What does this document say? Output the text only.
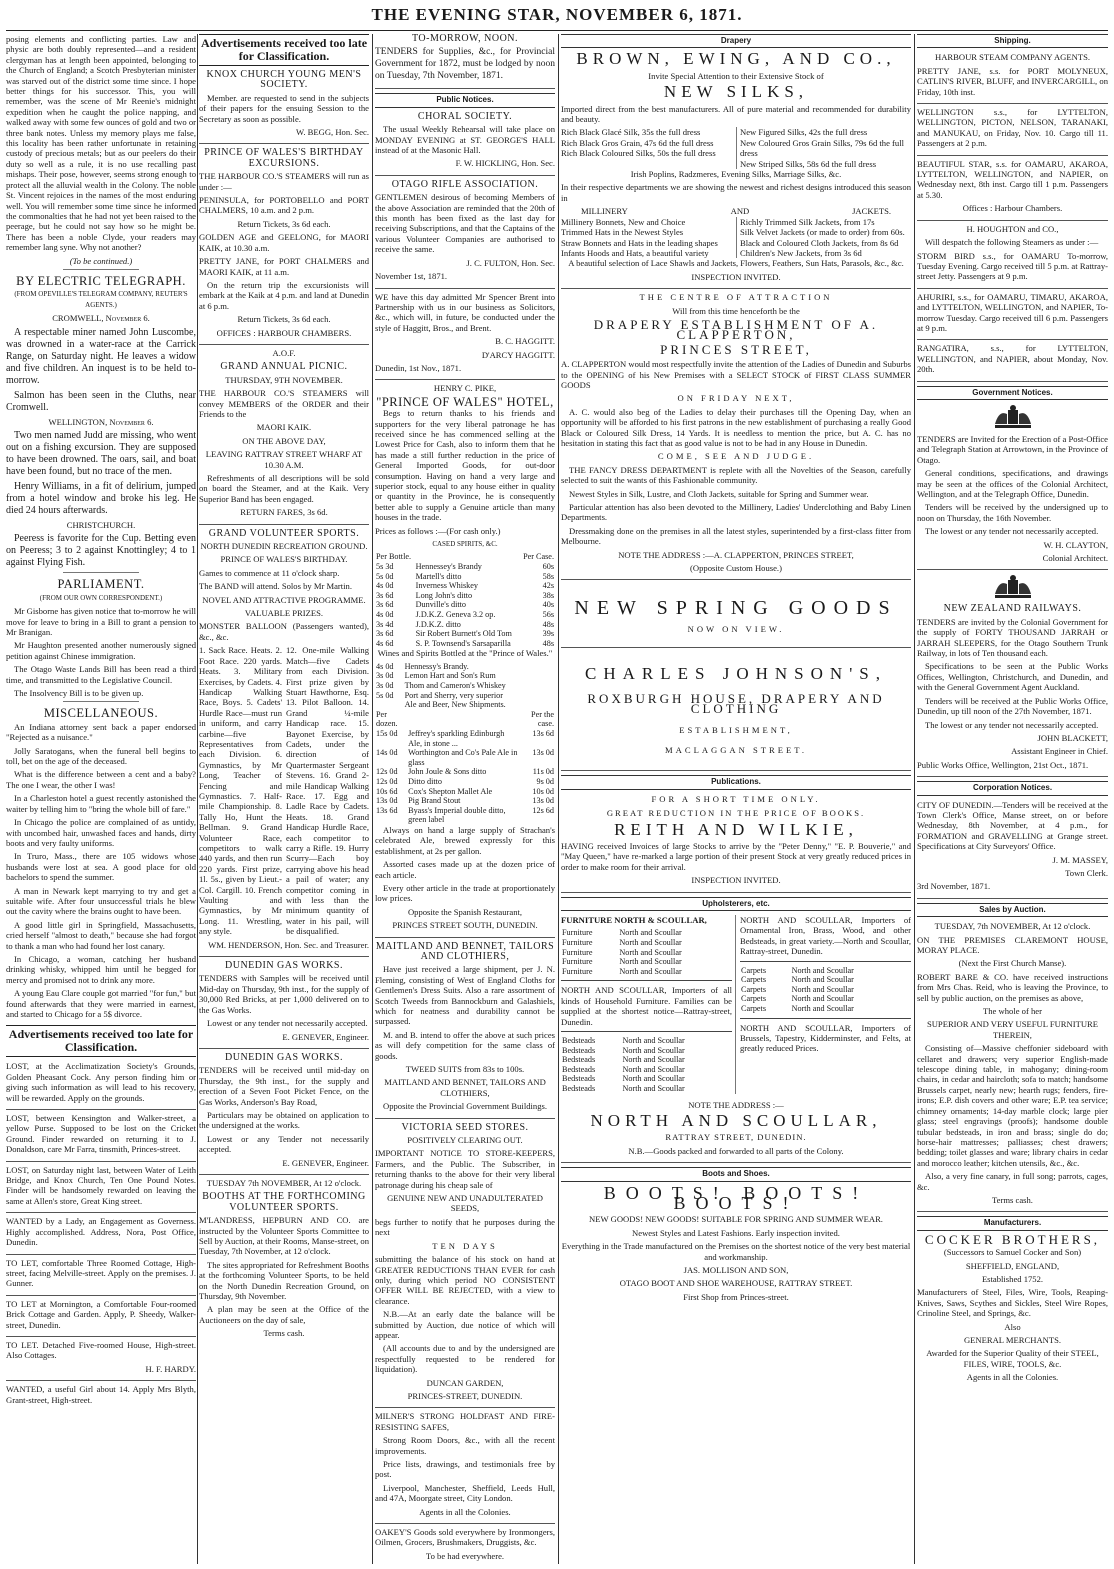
THE EVENING STAR, NOVEMBER 6, 1871.

posing elements and conflicting parties. Law and physic are both doubly represented—and a resident clergyman has at length been appointed, belonging to the Church of England; a Scotch Presbyterian minister was starved out of the district some time since. I hope better things for his successor. This, you will remember, was the scene of Mr Reenie's midnight expedition when he caught the police napping, and walked away with some few ounces of gold and two or three bank notes. Unless my memory plays me false, this locality has been rather unfortunate in retaining custody of precious metals; but as our peelers do their duty so well as a rule, it is no use recalling past mishaps. Their pose, however, seems strong enough to protect all the alluvial wealth in the Colony. The noble St. Vincent rejoices in the names of the most enduring well. You will remember some time since he informed the commonalties that he had not yet been raised to the peerage, but he could not say how so he might be. There has been a noble Clyde, your readers may remember lang syne. Why not another?

(To be continued.)

BY ELECTRIC TELEGRAPH.

(FROM OPEVILLE'S TELEGRAM COMPANY, REUTER'S AGENTS.)

CROMWELL, November 6.

A respectable miner named John Luscombe, was drowned in a water-race at the Carrick Range, on Saturday night. He leaves a widow and five children. An inquest is to be held to-morrow.

Salmon has been seen in the Cluths, near Cromwell.

WELLINGTON, November 6.

Two men named Judd are missing, who went out on a fishing excursion. They are supposed to have been drowned. The oars, sail, and boat have been found, but no trace of the men.

Henry Williams, in a fit of delirium, jumped from a hotel window and broke his leg. He died 24 hours afterwards.

CHRISTCHURCH.

Peeress is favorite for the Cup. Betting even on Peeress; 3 to 2 against Knottingley; 4 to 1 against Flying Fish.

PARLIAMENT.

(FROM OUR OWN CORRESPONDENT.)

Mr Gisborne has given notice that to-morrow he will move for leave to bring in a Bill to grant a pension to Mr Branigan.

Mr Haughton presented another numerously signed petition against Chinese immigration.

The Otago Waste Lands Bill has been read a third time, and transmitted to the Legislative Council.

The Insolvency Bill is to be given up.

MISCELLANEOUS.

An Indiana attorney sent back a paper endorsed "Rejected as a nuisance."

Jolly Saratogans, when the funeral bell begins to toll, bet on the age of the deceased.

What is the difference between a cent and a baby? The one I wear, the other I was!

In a Charleston hotel a guest recently astonished the waiter by telling him to "bring the whole bill of fare."

In Chicago the police are complained of as untidy, with uncombed hair, unwashed faces and hands, dirty boots and very faulty uniforms.

In Truro, Mass., there are 105 widows whose husbands were lost at sea. A good place for old bachelors to spend the summer.

A man in Newark kept marrying to try and get a suitable wife. After four unsuccessful trials he blew out the cavity where the brains ought to have been.

A good little girl in Springfield, Massachusetts, cried herself "almost to death," because she had forgot to thank a man who had found her lost canary.

In Chicago, a woman, catching her husband drinking whisky, whipped him until he begged for mercy and promised not to drink any more.

A young Eau Clare couple got married "for fun," but found afterwards that they were married in earnest, and started to Chicago for a 5$ divorce.

Advertisements received too late for Classification.

LOST, at the Acclimatization Society's Grounds, Golden Pheasant Cock. Any person finding him or giving such information as will lead to his recovery, will be rewarded. Apply on the grounds.

LOST, between Kensington and Walker-street, a yellow Purse. Supposed to be lost on the Cricket Ground. Finder rewarded on returning it to J. Donaldson, care Mr Farra, tinsmith, Princes-street.

LOST, on Saturday night last, between Water of Leith Bridge, and Knox Church, Ten One Pound Notes. Finder will be handsomely rewarded on leaving the same at Allen's store, Great King street.

WANTED by a Lady, an Engagement as Governess. Highly accomplished. Address, Nora, Post Office, Dunedin.

TO LET, comfortable Three Roomed Cottage, High-street, facing Melville-street. Apply on the premises. J. Gunner.

TO LET at Mornington, a Comfortable Four-roomed Brick Cottage and Garden. Apply, P. Sheedy, Walker-street, Dunedin.

TO LET. Detached Five-roomed House, High-street. Also Cottages.

H. F. HARDY.

WANTED, a useful Girl about 14. Apply Mrs Blyth, Grant-street, High-street.

Advertisements received too late for Classification.
KNOX CHURCH YOUNG MEN'S SOCIETY.

Member. are requested to send in the subjects of their papers for the ensuing Session to the Secretary as soon as possible.

W. BEGG, Hon. Sec.

PRINCE OF WALES'S BIRTHDAY EXCURSIONS.

THE HARBOUR CO.'S STEAMERS will run as under :—

PENINSULA, for PORTOBELLO and PORT CHALMERS, 10 a.m. and 2 p.m.

Return Tickets, 3s 6d each.

GOLDEN AGE and GEELONG, for MAORI KAIK, at 10.30 a.m.

PRETTY JANE, for PORT CHALMERS and MAORI KAIK, at 11 a.m.

On the return trip the excursionists will embark at the Kaik at 4 p.m. and land at Dunedin at 6 p.m.

Return Tickets, 3s 6d each.

OFFICES : HARBOUR CHAMBERS.

A.O.F.

GRAND ANNUAL PICNIC.

THURSDAY, 9TH NOVEMBER.

THE HARBOUR CO.'S STEAMERS will convey MEMBERS of the ORDER and their Friends to the

MAORI KAIK.

ON THE ABOVE DAY,

LEAVING RATTRAY STREET WHARF AT 10.30 A.M.

Refreshments of all descriptions will be sold on board the Steamer, and at the Kaik. Very Superior Band has been engaged.

RETURN FARES, 3s 6d.

GRAND VOLUNTEER SPORTS.

NORTH DUNEDIN RECREATION GROUND.

PRINCE OF WALES'S BIRTHDAY.

Games to commence at 11 o'clock sharp.

The BAND will attend. Solos by Mr Martin.

NOVEL AND ATTRACTIVE PROGRAMME.

VALUABLE PRIZES.

MONSTER BALLOON (Passengers wanted), &c., &c.

1. Sack Race. Heats. 2. Foot Race. 220 yards. Heats. 3. Military Exercises, by Cadets. 4. Handicap Walking Race, Boys. 5. Cadets' Hurdle Race—must run in uniform, and carry carbine—five Representatives from each Division. 6. Gymnastics, by Mr Long, Teacher of Fencing and Gymnastics. 7. Half-mile Championship. 8. Tally Ho, Hunt the Bellman. 9. Grand Volunteer Race, competitors to walk 440 yards, and then run 220 yards. First prize, 1l. 5s., given by Lieut.-Col. Cargill. 10. French Vaulting and Gymnastics, by Mr Long. 11. Wrestling, any style.

12. One-mile Walking Match—five Cadets from each Division. First prize given by Stuart Hawthorne, Esq. 13. Pilot Balloon. 14. Grand ¼-mile Handicap race. 15. Bayonet Exercise, by Cadets, under the direction of Quartermaster Sergeant Stevens. 16. Grand 2-mile Handicap Walking Race. 17. Egg and Ladle Race by Cadets. Heats. 18. Grand Handicap Hurdle Race, each competitor to carry a Rifle. 19. Hurry Scurry—Each boy carrying above his head a pail of water; any competitor coming in with less than the minimum quantity of water in his pail, will be disqualified.

WM. HENDERSON, Hon. Sec. and Treasurer.

DUNEDIN GAS WORKS.

TENDERS with Samples will be received until Mid-day on Thursday, 9th inst., for the supply of 30,000 Red Bricks, at per 1,000 delivered on to the Gas Works.

Lowest or any tender not necessarily accepted.

E. GENEVER, Engineer.

DUNEDIN GAS WORKS.

TENDERS will be received until mid-day on Thursday, the 9th inst., for the supply and erection of a Seven Foot Picket Fence, on the Gas Works, Anderson's Bay Road,

Particulars may be obtained on application to the undersigned at the works.

Lowest or any Tender not necessarily accepted.

E. GENEVER, Engineer.

TUESDAY 7th NOVEMBER, At 12 o'clock.

BOOTHS AT THE FORTHCOMING VOLUNTEER SPORTS.

M'LANDRESS, HEPBURN AND CO. are instructed by the Volunteer Sports Committee to Sell by Auction, at their Rooms, Manse-street, on Tuesday, 7th November, at 12 o'clock.

The sites appropriated for Refreshment Booths at the forthcoming Volunteer Sports, to be held on the North Dunedin Recreation Ground, on Thursday, 9th November.

A plan may be seen at the Office of the Auctioneers on the day of sale,

Terms cash.

TO-MORROW, NOON.

TENDERS for Supplies, &c., for Provincial Government for 1872, must be lodged by noon on Tuesday, 7th November, 1871.

Public Notices.
CHORAL SOCIETY.

The usual Weekly Rehearsal will take place on MONDAY EVENING at ST. GEORGE'S HALL instead of at the Masonic Hall.

F. W. HICKLING, Hon. Sec.

OTAGO RIFLE ASSOCIATION.

GENTLEMEN desirous of becoming Members of the above Association are reminded that the 20th of this month has been fixed as the last day for receiving Subscriptions, and that the Captains of the various Volunteer Companies are authorised to receive the same.

J. C. FULTON, Hon. Sec.

November 1st, 1871.

WE have this day admitted Mr Spencer Brent into Partnership with us in our business as Solicitors, &c., which will, in future, be conducted under the style of Haggitt, Bros., and Brent.

B. C. HAGGITT.

D'ARCY HAGGITT.

Dunedin, 1st Nov., 1871.

HENRY C. PIKE,

"PRINCE OF WALES" HOTEL,

Begs to return thanks to his friends and supporters for the very liberal patronage he has received since he has commenced selling at the Lowest Price for Cash, also to inform them that he has made a still further reduction in the price of General Imported Goods, for out-door consumption. Having on hand a very large and superior stock, equal to any house either in quality or quantity in the Province, he is consequently better able to supply a Genuine article than many houses in the trade.

Prices as follows :—(For cash only.)

CASED SPIRITS, &C.

Per Bottle.		Per Case.
5s 3d	Hennessey's Brandy	60s
5s 0d	Martell's ditto	58s
4s 0d	Inverness Whiskey	42s
3s 6d	Long John's ditto	38s
3s 6d	Dunville's ditto	40s
4s 0d	J.D.K.Z. Geneva 3.2 op.	56s
3s 4d	J.D.K.Z. ditto	48s
3s 6d	Sir Robert Burnett's Old Tom	39s
4s 6d	S. P. Townsend's Sarsaparilla	48s

Wines and Spirits Bottled at the "Prince of Wales."

4s 0d	Hennessy's Brandy.
3s 0d	Lemon Hart and Son's Rum
3s 0d	Thom and Cameron's Whiskey
5s 0d	Port and Sherry, very superior
	Ale and Beer, New Shipments.
Per dozen.		Per the case.
15s 0d	Jeffrey's sparkling Edinburgh Ale, in stone ...	13s 6d
14s 0d	Worthington and Co's Pale Ale in glass	13s 0d
12s 0d	John Joule & Sons ditto	11s 0d
12s 0d	Ditto ditto	9s 0d
10s 6d	Cox's Shepton Mallet Ale	10s 0d
13s 0d	Pig Brand Stout	13s 0d
13s 6d	Byass's Imperial double ditto, green label	12s 6d

Always on hand a large supply of Strachan's celebrated Ale, brewed expressly for this establishment, at 2s per gallon.

Assorted cases made up at the dozen price of each article.

Every other article in the trade at proportionately low prices.

Opposite the Spanish Restaurant,

PRINCES STREET SOUTH, DUNEDIN.

MAITLAND AND BENNET, TAILORS AND CLOTHIERS,

Have just received a large shipment, per J. N. Fleming, consisting of West of England Cloths for Gentlemen's Dress Suits. Also a rare assortment of Scotch Tweeds from Bannockburn and Galashiels, which for neatness and durability cannot be surpassed.

M. and B. intend to offer the above at such prices as will defy competition for the same class of goods.

TWEED SUITS from 83s to 100s.

MAITLAND AND BENNET, TAILORS AND CLOTHIERS,

Opposite the Provincial Government Buildings.

VICTORIA SEED STORES.

POSITIVELY CLEARING OUT.

IMPORTANT NOTICE TO STORE-KEEPERS, Farmers, and the Public. The Subscriber, in returning thanks to the above for their very liberal patronage during his cheap sale of

GENUINE NEW AND UNADULTERATED SEEDS,

begs further to notify that he purposes during the next

TEN DAYS

submitting the balance of his stock on hand at GREATER REDUCTIONS THAN EVER for cash only, during which period NO CONSISTENT OFFER WILL BE REJECTED, with a view to clearance.

N.B.—At an early date the balance will be submitted by Auction, due notice of which will appear.

(All accounts due to and by the undersigned are respectfully requested to be rendered for liquidation).

DUNCAN GARDEN,

PRINCES-STREET, DUNEDIN.

MILNER'S STRONG HOLDFAST AND FIRE-RESISTING SAFES,

Strong Room Doors, &c., with all the recent improvements.

Price lists, drawings, and testimonials free by post.

Liverpool, Manchester, Sheffield, Leeds Hull, and 47A, Moorgate street, City London.

Agents in all the Colonies.

OAKEY'S Goods sold everywhere by Ironmongers, Oilmen, Grocers, Brushmakers, Druggists, &c.

To be had everywhere.

Drapery

BROWN, EWING, AND CO.,

Invite Special Attention to their Extensive Stock of

NEW SILKS,

Imported direct from the best manufacturers. All of pure material and recommended for durability and beauty.

Rich Black Glacé Silk, 35s the full dress
Rich Black Gros Grain, 47s 6d the full dress
Rich Black Coloured Silks, 50s the full dress
New Figured Silks, 42s the full dress
New Coloured Gros Grain Silks, 79s 6d the full dress
New Striped Silks, 58s 6d the full dress

Irish Poplins, Radzmeres, Evening Silks, Marriage Silks, &c.

In their respective departments we are showing the newest and richest designs introduced this season in

MILLINERY	AND	JACKETS.
Millinery Bonnets, New and Choice
Trimmed Hats in the Newest Styles
Straw Bonnets and Hats in the leading shapes
Infants Hoods and Hats, a beautiful variety
Richly Trimmed Silk Jackets, from 17s
Silk Velvet Jackets (or made to order) from 60s.
Black and Coloured Cloth Jackets, from 8s 6d
Children's New Jackets, from 3s 6d

A beautiful selection of Lace Shawls and Jackets, Flowers, Feathers, Sun Hats, Parasols, &c., &c.

INSPECTION INVITED.

THE CENTRE OF ATTRACTION

Will from this time henceforth be the

DRAPERY ESTABLISHMENT OF A. CLAPPERTON,

PRINCES STREET,

A. CLAPPERTON would most respectfully invite the attention of the Ladies of Dunedin and Suburbs to the OPENING of his New Premises with a SELECT STOCK of FIRST CLASS SUMMER GOODS

ON FRIDAY NEXT,

A. C. would also beg of the Ladies to delay their purchases till the Opening Day, when an opportunity will be afforded to his first patrons in the new establishment of purchasing a really Good Black or Coloured Silk Dress, 14 Yards. It is needless to mention the price, but A. C. has no hesitation in stating this fact that as good value is not to be had in any House in Dunedin.

COME, SEE AND JUDGE.

THE FANCY DRESS DEPARTMENT is replete with all the Novelties of the Season, carefully selected to suit the wants of this Fashionable community.

Newest Styles in Silk, Lustre, and Cloth Jackets, suitable for Spring and Summer wear.

Particular attention has also been devoted to the Millinery, Ladies' Underclothing and Baby Linen Departments.

Dressmaking done on the premises in all the latest styles, superintended by a first-class fitter from Melbourne.

NOTE THE ADDRESS :—A. CLAPPERTON, PRINCES STREET,

(Opposite Custom House.)

NEW SPRING GOODS

NOW ON VIEW.

CHARLES JOHNSON'S,

ROXBURGH HOUSE, DRAPERY AND CLOTHING

ESTABLISHMENT,

MACLAGGAN STREET.

Publications.

FOR A SHORT TIME ONLY.

GREAT REDUCTION IN THE PRICE OF BOOKS.

REITH AND WILKIE,

HAVING received Invoices of large Stocks to arrive by the "Peter Denny," "E. P. Bouverie," and "May Queen," have re-marked a large portion of their present Stock at very greatly reduced prices in order to make room for their arrival.

INSPECTION INVITED.

Upholsterers, etc.

FURNITURE NORTH & SCOULLAR,

Furniture	North and Scoullar
Furniture	North and Scoullar
Furniture	North and Scoullar
Furniture	North and Scoullar
Furniture	North and Scoullar

NORTH AND SCOULLAR, Importers of all kinds of Household Furniture. Families can be supplied at the shortest notice—Rattray-street, Dunedin.

Bedsteads	North and Scoullar
Bedsteads	North and Scoullar
Bedsteads	North and Scoullar
Bedsteads	North and Scoullar
Bedsteads	North and Scoullar
Bedsteads	North and Scoullar

NORTH AND SCOULLAR, Importers of Ornamental Iron, Brass, Wood, and other Bedsteads, in great variety.—North and Scoullar, Rattray-street, Dunedin.

Carpets	North and Scoullar
Carpets	North and Scoullar
Carpets	North and Scoullar
Carpets	North and Scoullar
Carpets	North and Scoullar

NORTH AND SCOULLAR, Importers of Brussels, Tapestry, Kidderminster, and Felts, at greatly reduced Prices.

NOTE THE ADDRESS :—

NORTH AND SCOULLAR,

RATTRAY STREET, DUNEDIN.

N.B.—Goods packed and forwarded to all parts of the Colony.

Boots and Shoes.

BOOTS! BOOTS! BOOTS!

NEW GOODS! NEW GOODS! SUITABLE FOR SPRING AND SUMMER WEAR.

Newest Styles and Latest Fashions. Early inspection invited.

Everything in the Trade manufactured on the Premises on the shortest notice of the very best material and workmanship.

JAS. MOLLISON AND SON,

OTAGO BOOT AND SHOE WAREHOUSE, RATTRAY STREET.

First Shop from Princes-street.

Shipping.

HARBOUR STEAM COMPANY AGENTS.

PRETTY JANE, s.s. for PORT MOLYNEUX, CATLIN'S RIVER, BLUFF, and INVERCARGILL, on Friday, 10th inst.

WELLINGTON s.s., for LYTTELTON, WELLINGTON, PICTON, NELSON, TARANAKI, and MANUKAU, on Friday, Nov. 10. Cargo till 11. Passengers at 2 p.m.

BEAUTIFUL STAR, s.s. for OAMARU, AKAROA, LYTTELTON, WELLINGTON, and NAPIER, on Wednesday next, 8th inst. Cargo till 1 p.m. Passengers at 5.30.

Offices : Harbour Chambers.

H. HOUGHTON and CO.,

Will despatch the following Steamers as under :—

STORM BIRD s.s., for OAMARU To-morrow, Tuesday Evening. Cargo received till 5 p.m. at Rattray-street Jetty. Passengers at 9 p.m.

AHURIRI, s.s., for OAMARU, TIMARU, AKAROA, and LYTTELTON, WELLINGTON, and NAPIER, To-morrow Tuesday. Cargo received till 6 p.m. Passengers at 9 p.m.

RANGATIRA, s.s., for LYTTELTON, WELLINGTON, and NAPIER, about Monday, Nov. 20th.

Government Notices.

TENDERS are Invited for the Erection of a Post-Office and Telegraph Station at Arrowtown, in the Province of Otago.

General conditions, specifications, and drawings may be seen at the offices of the Colonial Architect, Wellington, and at the Telegraph Office, Dunedin.

Tenders will be received by the undersigned up to noon on Thursday, the 16th November.

The lowest or any tender not necessarily accepted.

W. H. CLAYTON,

Colonial Architect.

NEW ZEALAND RAILWAYS.

TENDERS are invited by the Colonial Government for the supply of FORTY THOUSAND JARRAH or JARRAH SLEEPERS, for the Otago Southern Trunk Railway, in lots of Ten thousand each.

Specifications to be seen at the Public Works Offices, Wellington, Christchurch, and Dunedin, and with the General Government Agent Auckland.

Tenders will be received at the Public Works Office, Dunedin, up till noon of the 27th November, 1871.

The lowest or any tender not necessarily accepted.

JOHN BLACKETT,

Assistant Engineer in Chief.

Public Works Office, Wellington, 21st Oct., 1871.

Corporation Notices.

CITY OF DUNEDIN.—Tenders will be received at the Town Clerk's Office, Manse street, on or before Wednesday, 8th November, at 4 p.m., for FORMATION and GRAVELLING at Grange street. Specifications at City Surveyors' Office.

J. M. MASSEY,

Town Clerk.

3rd November, 1871.

Sales by Auction.

TUESDAY, 7th NOVEMBER, At 12 o'clock.

ON THE PREMISES CLAREMONT HOUSE, MORAY PLACE.

(Next the First Church Manse).

ROBERT BARE & CO. have received instructions from Mrs Chas. Reid, who is leaving the Province, to sell by public auction, on the premises as above,

The whole of her

SUPERIOR AND VERY USEFUL FURNITURE THEREIN,

Consisting of—Massive cheffonier sideboard with cellaret and drawers; very superior English-made telescope dining table, in mahogany; dining-room chairs, in cedar and haircloth; sofa to match; handsome Brussels carpet, nearly new; hearth rugs; fenders, fire-irons; E.P. dish covers and other ware; E.P. tea service; chimney ornaments; 14-day marble clock; large pier glass; steel engravings (proofs); handsome double tubular bedsteads, in iron and brass; single do do; horse-hair mattresses; palliasses; chest drawers; bedding; toilet glasses and ware; library chairs in cedar and morocco leather; kitchen utensils, &c., &c.

Also, a very fine canary, in full song; parrots, cages, &c.

Terms cash.

Manufacturers.

COCKER BROTHERS,

(Successors to Samuel Cocker and Son)

SHEFFIELD, ENGLAND,

Established 1752.

Manufacturers of Steel, Files, Wire, Tools, Reaping-Knives, Saws, Scythes and Sickles, Steel Wire Ropes, Crinoline Steel, and Springs, &c.

Also

GENERAL MERCHANTS.

Awarded for the Superior Quality of their STEEL, FILES, WIRE, TOOLS, &c.

Agents in all the Colonies.
